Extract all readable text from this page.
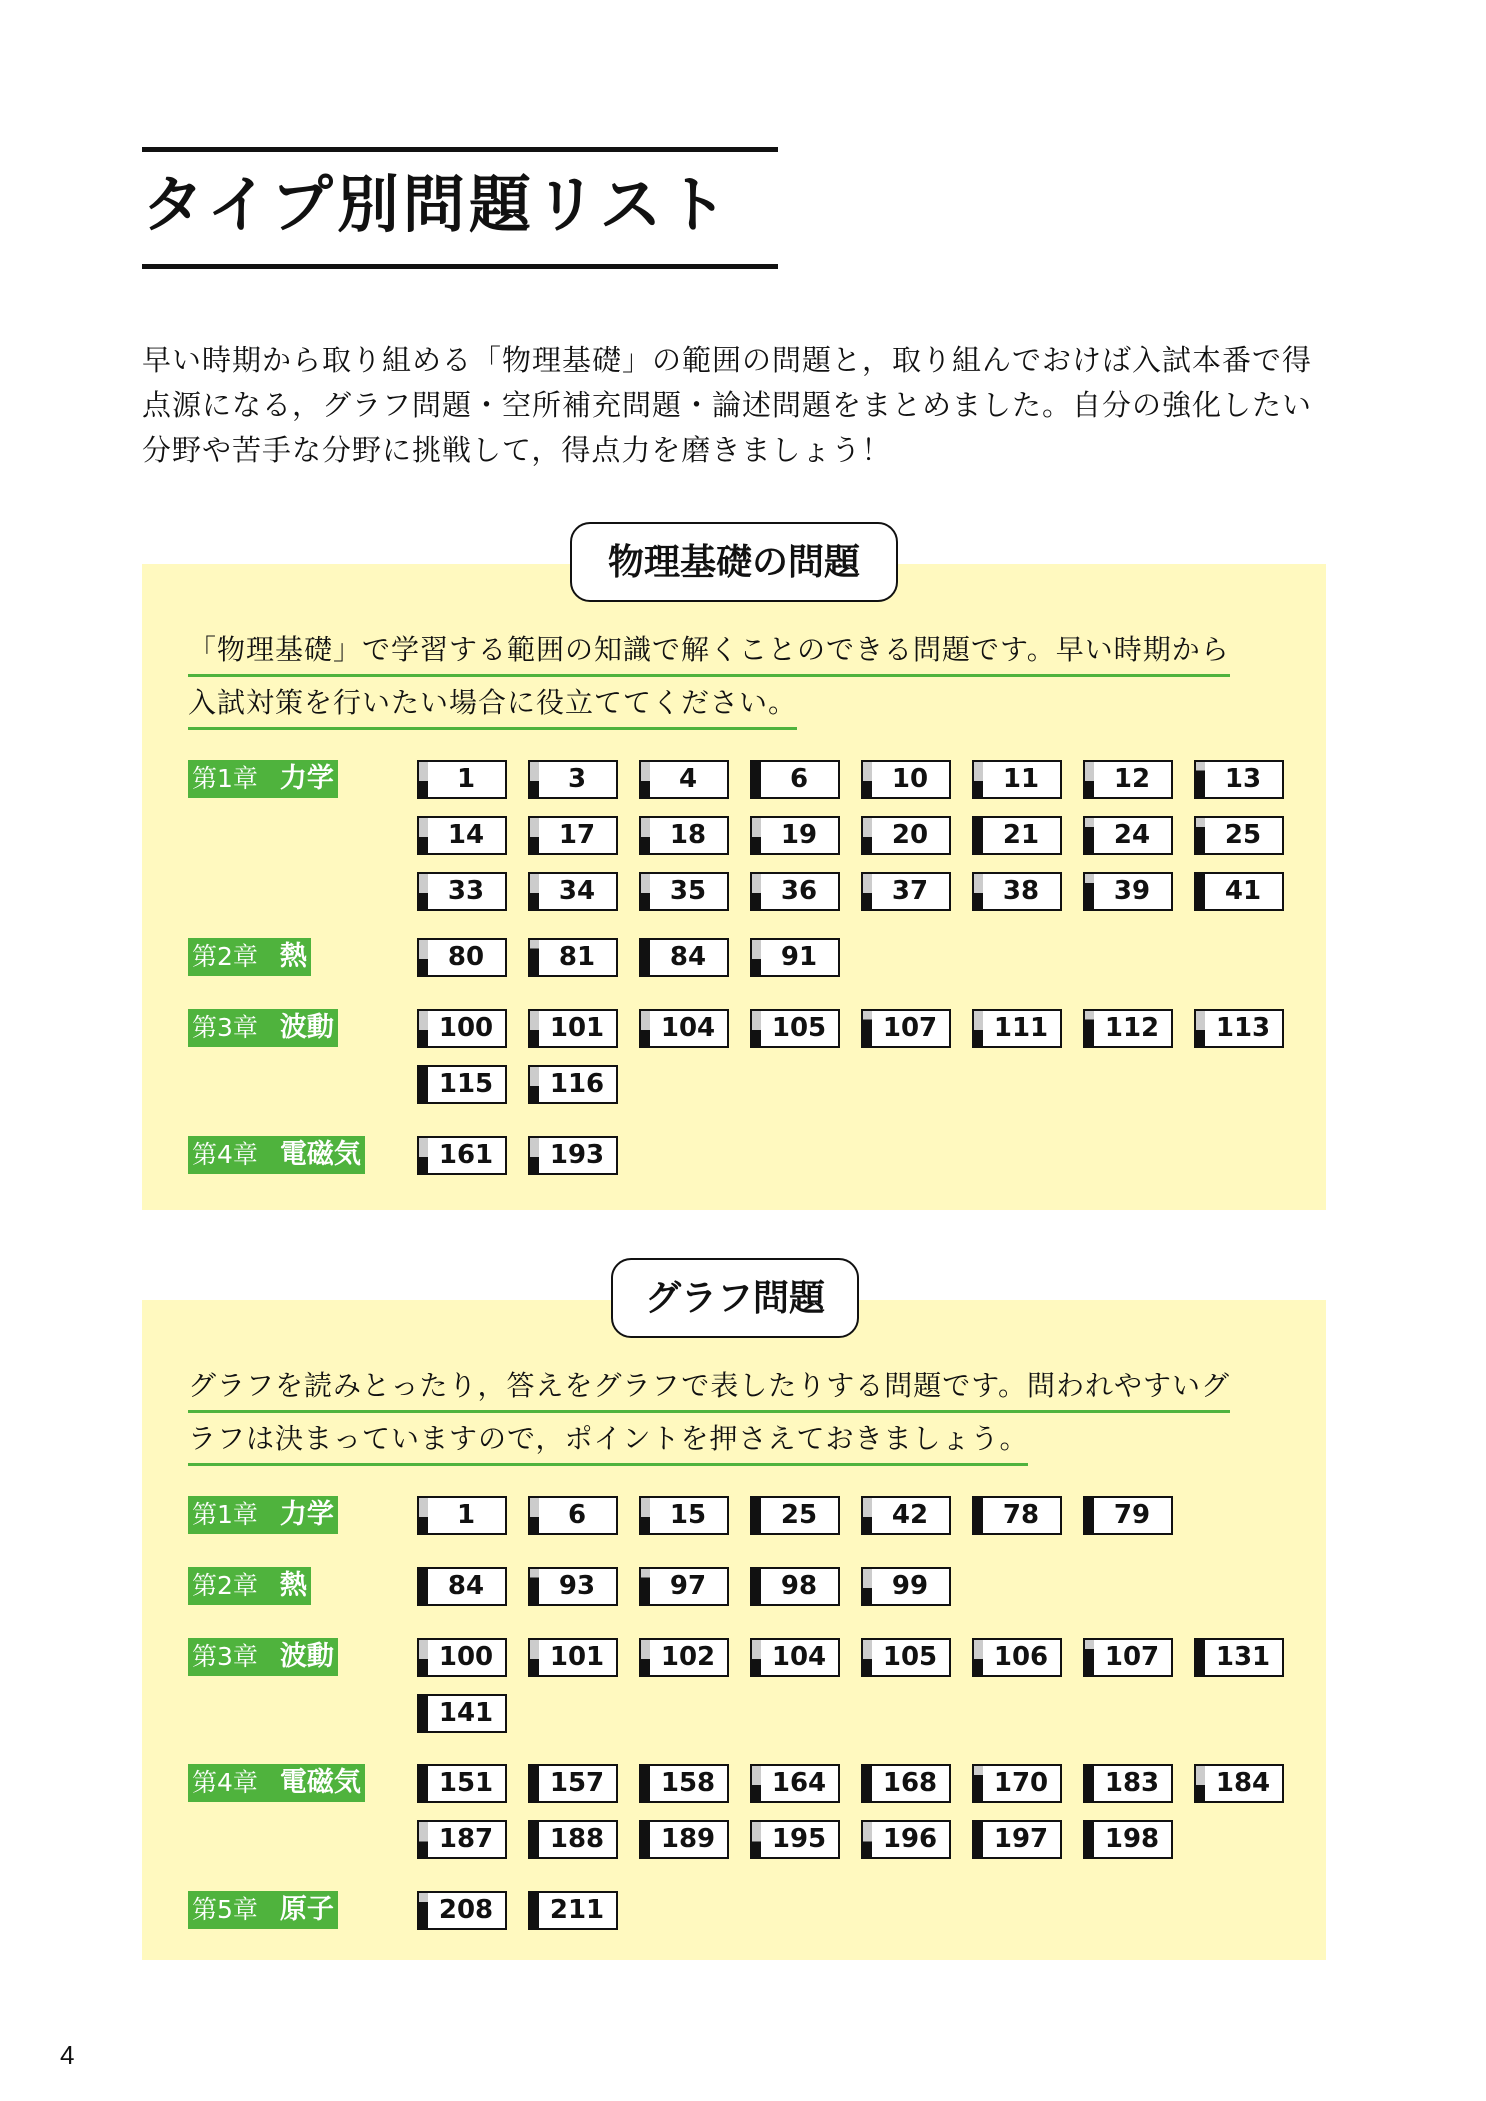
タイプ別問題リスト

早い時期から取り組める「物理基礎」の範囲の問題と，取り組んでおけば入試本番で得
点源になる，グラフ問題・空所補充問題・論述問題をまとめました。自分の強化したい
分野や苦手な分野に挑戦して，得点力を磨きましょう！

「物理基礎」で学習する範囲の知識で解くことのできる問題です。早い時期から
入試対策を行いたい場合に役立ててください。

第1章 力学	1	3	4	6	10	11	12	13
14	17	18	19	20	21	24	25
33	34	35	36	37	38	39	41
第2章 熱	80	81	84	91
第3章 波動	100	101	104	105	107	111	112	113
115	116
第4章 電磁気	161	193
物理基礎の問題

グラフを読みとったり，答えをグラフで表したりする問題です。問われやすいグ
ラフは決まっていますので，ポイントを押さえておきましょう。

第1章 力学	1	6	15	25	42	78	79
第2章 熱	84	93	97	98	99
第3章 波動	100	101	102	104	105	106	107	131
141
第4章 電磁気	151	157	158	164	168	170	183	184
187	188	189	195	196	197	198
第5章 原子	208	211
グラフ問題
4
